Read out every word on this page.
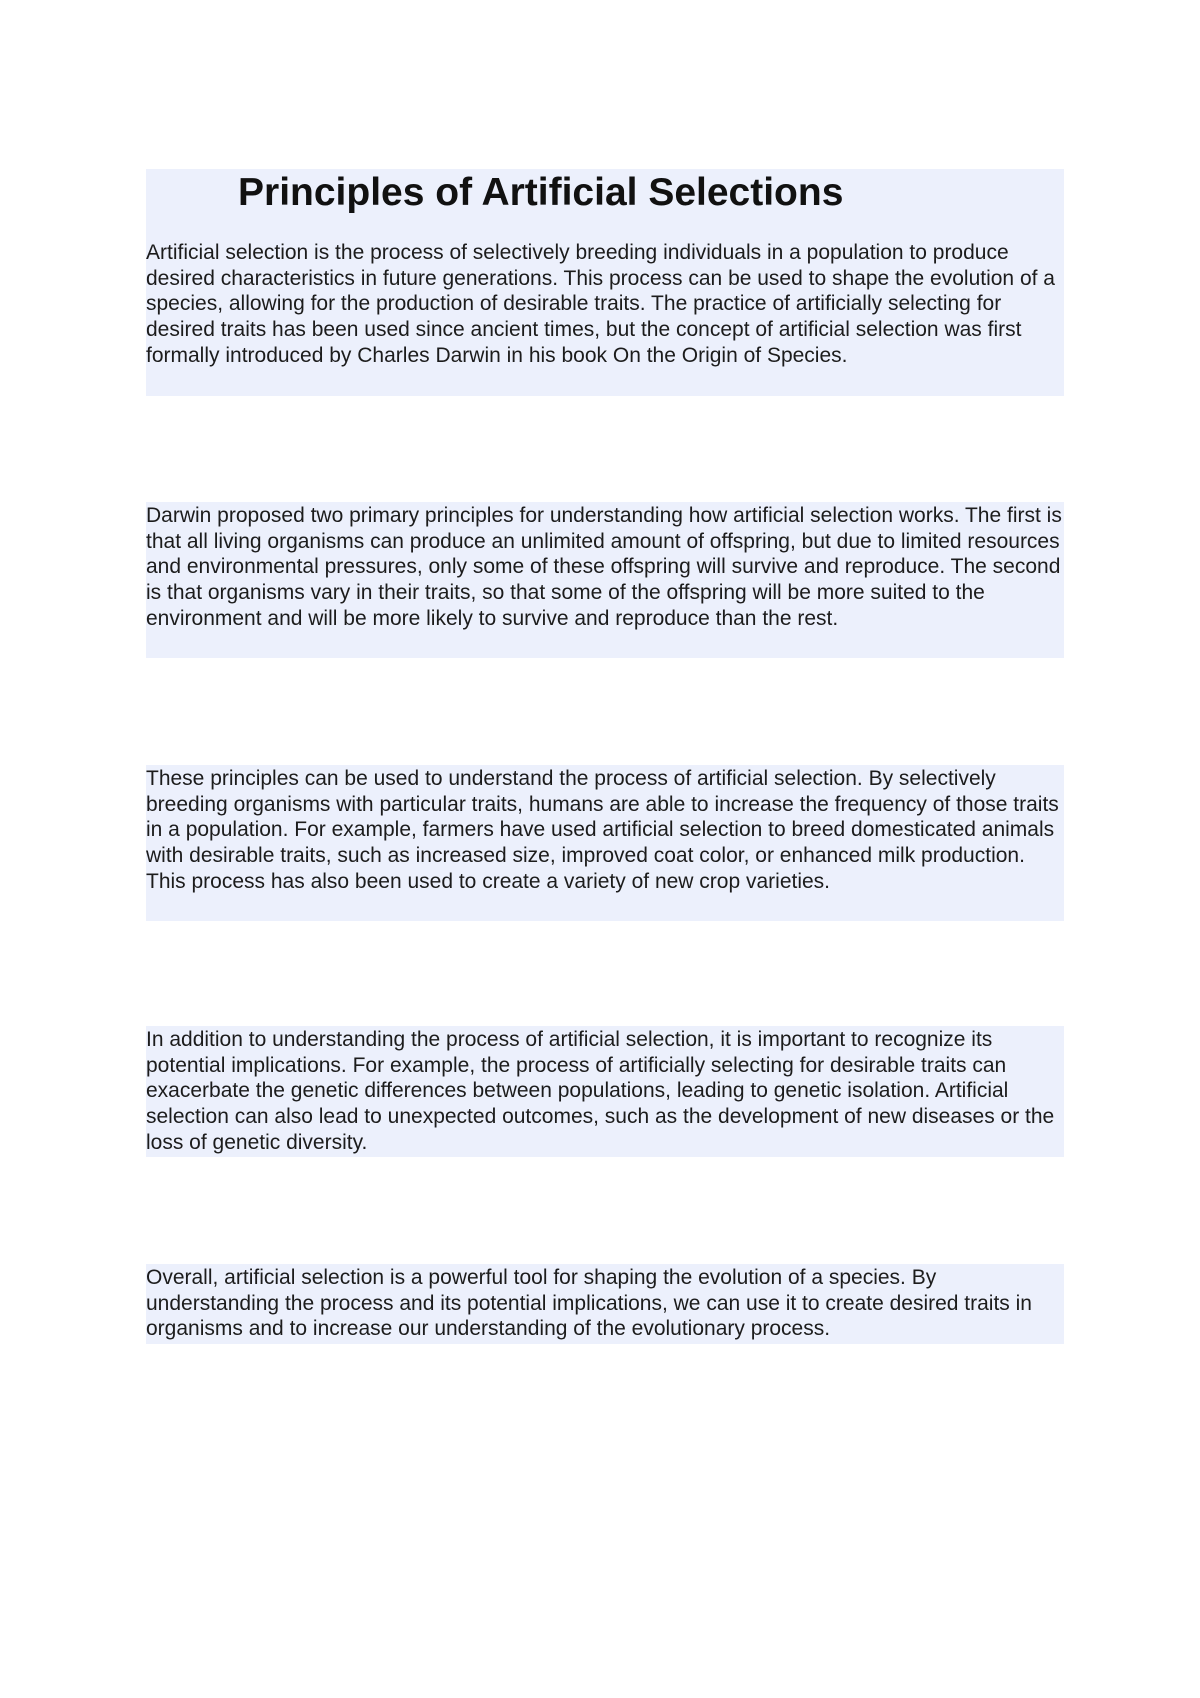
Principles of Artificial Selections

Artificial selection is the process of selectively breeding individuals in a population to produce desired characteristics in future generations. This process can be used to shape the evolution of a species, allowing for the production of desirable traits. The practice of artificially selecting for desired traits has been used since ancient times, but the concept of artificial selection was first formally introduced by Charles Darwin in his book On the Origin of Species.

Darwin proposed two primary principles for understanding how artificial selection works. The first is that all living organisms can produce an unlimited amount of offspring, but due to limited resources and environmental pressures, only some of these offspring will survive and reproduce. The second is that organisms vary in their traits, so that some of the offspring will be more suited to the environment and will be more likely to survive and reproduce than the rest.

These principles can be used to understand the process of artificial selection. By selectively breeding organisms with particular traits, humans are able to increase the frequency of those traits in a population. For example, farmers have used artificial selection to breed domesticated animals with desirable traits, such as increased size, improved coat color, or enhanced milk production. This process has also been used to create a variety of new crop varieties.

In addition to understanding the process of artificial selection, it is important to recognize its potential implications. For example, the process of artificially selecting for desirable traits can exacerbate the genetic differences between populations, leading to genetic isolation. Artificial selection can also lead to unexpected outcomes, such as the development of new diseases or the loss of genetic diversity.

Overall, artificial selection is a powerful tool for shaping the evolution of a species. By understanding the process and its potential implications, we can use it to create desired traits in organisms and to increase our understanding of the evolutionary process.
